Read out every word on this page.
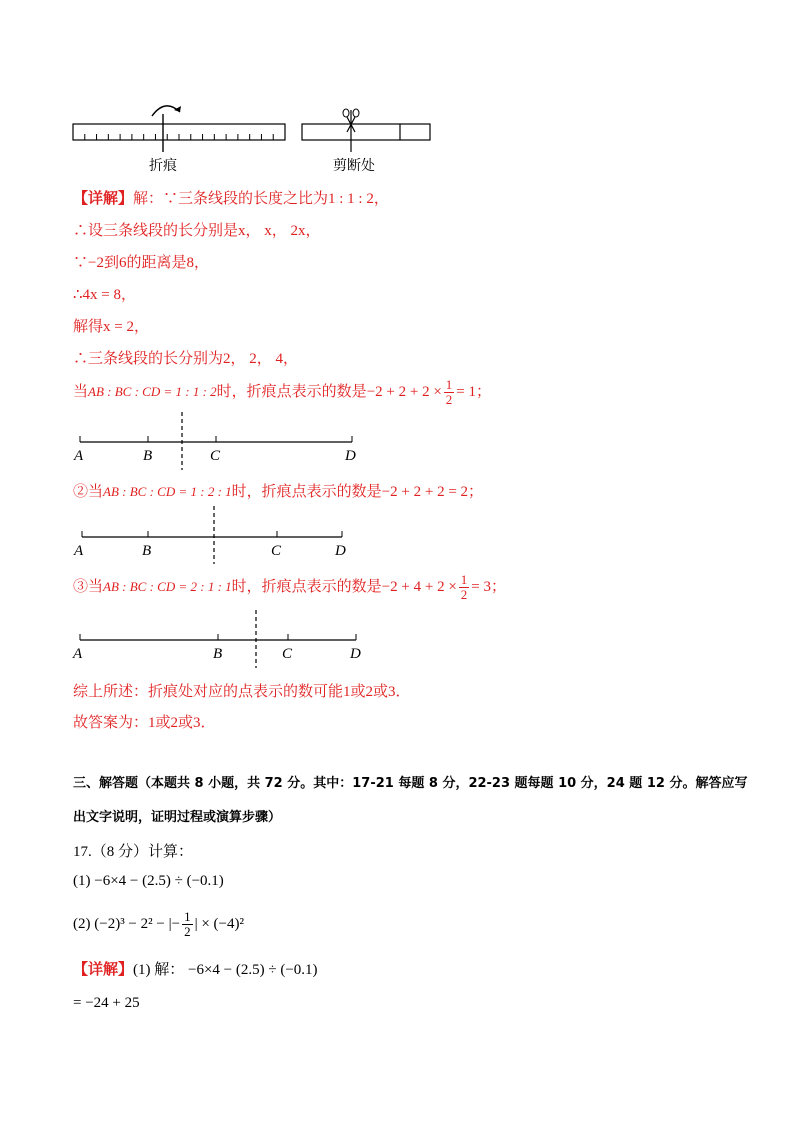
A	B	C	D
A	B	C	D
A	B	C	D
折痕	剪断处
【详解】解：∵三条线段的长度之比为1 : 1 : 2，
∴设三条线段的长分别是x， x， 2x，
∵−2到6的距离是8，
∴4x = 8，
解得x = 2，
∴三条线段的长分别为2， 2， 4，
当AB : BC : CD = 1 : 1 : 2时，折痕点表示的数是$-2 + 2 + 2 \times \frac{1}{2} = 1$；
②当AB : BC : CD = 1 : 2 : 1时，折痕点表示的数是−2 + 2 + 2 = 2；
③当AB : BC : CD = 2 : 1 : 1时，折痕点表示的数是$-2 + 4 + 2 \times \frac{1}{2} = 3$；
综上所述：折痕处对应的点表示的数可能1或2或3．
故答案为：1或2或3．
三、解答题（本题共 8 小题，共 72 分。其中：17-21 每题 8 分，22-23 题每题 10 分，24 题 12 分。解答应写
出文字说明，证明过程或演算步骤）
17.（8 分）计算：
(1) −6×4 − (2.5) ÷ (−0.1)
(2) (−2)³ − 2² − |− $\frac{1}{2}$ | × (−4)²
【详解】(1) 解： −6×4 − (2.5) ÷ (−0.1)
= −24 + 25
